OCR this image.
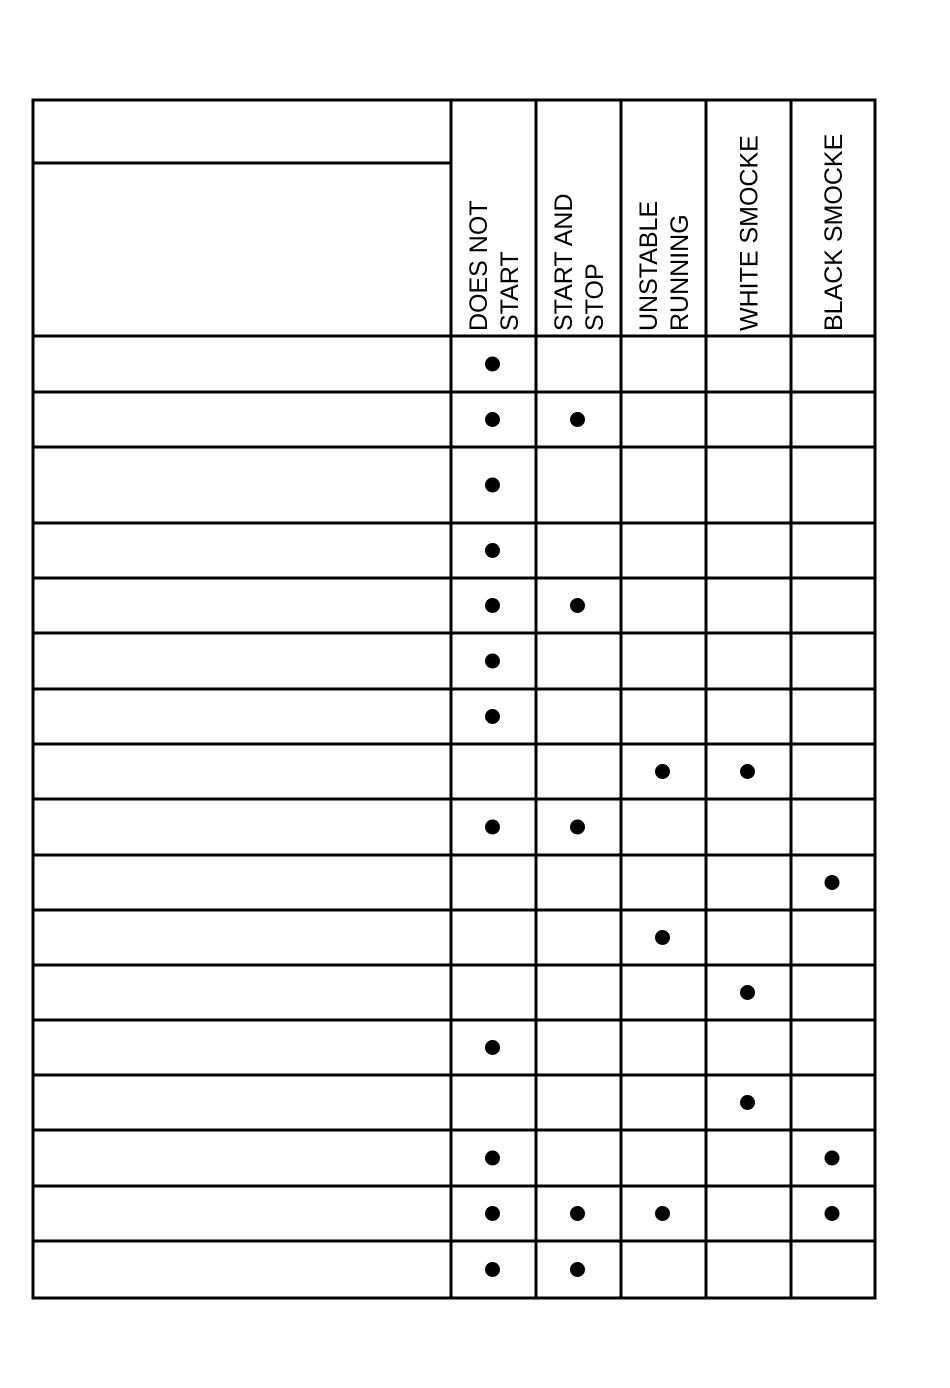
DOES NOT START START AND STOP UNSTABLE RUNNING WHITE SMOCKE BLACK SMOCKE
